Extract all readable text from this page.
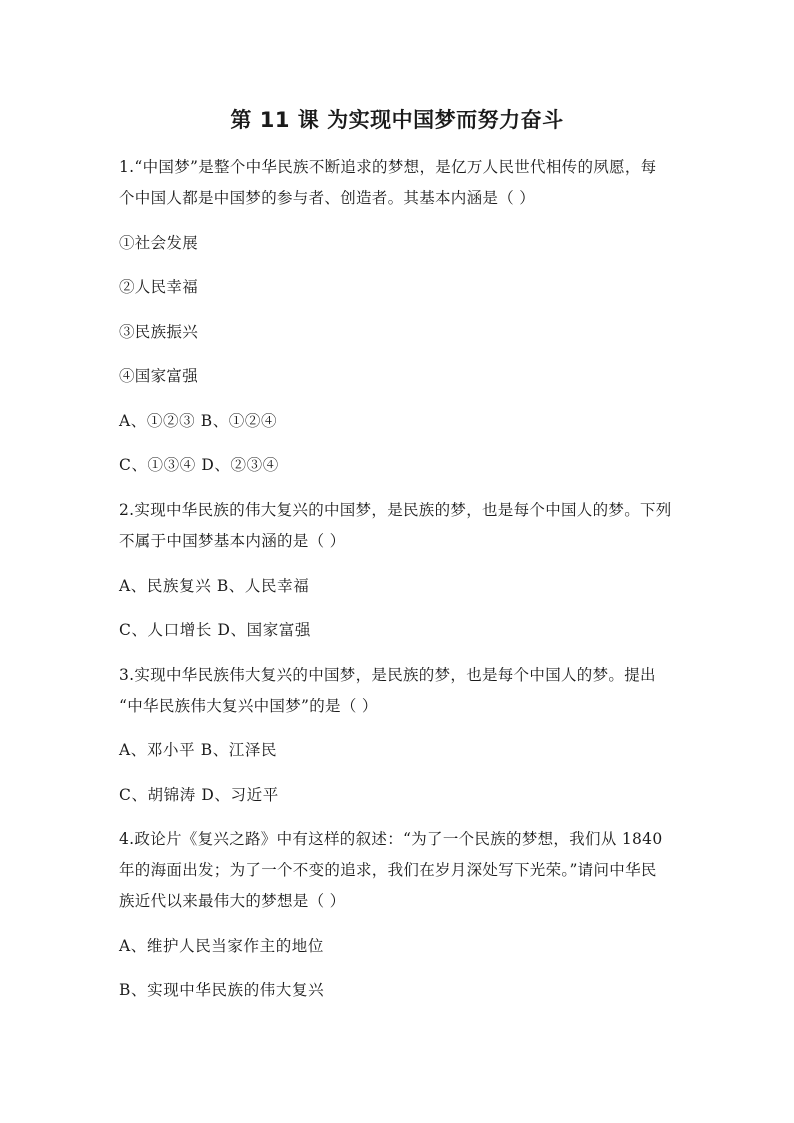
第 11 课 为实现中国梦而努力奋斗
1.“中国梦”是整个中华民族不断追求的梦想，是亿万人民世代相传的夙愿，每
个中国人都是中国梦的参与者、创造者。其基本内涵是（ ）
①社会发展
②人民幸福
③民族振兴
④国家富强
A、①②③ B、①②④
C、①③④ D、②③④
2.实现中华民族的伟大复兴的中国梦，是民族的梦，也是每个中国人的梦。下列
不属于中国梦基本内涵的是（ ）
A、民族复兴 B、人民幸福
C、人口增长 D、国家富强
3.实现中华民族伟大复兴的中国梦，是民族的梦，也是每个中国人的梦。提出
“中华民族伟大复兴中国梦”的是（ ）
A、邓小平 B、江泽民
C、胡锦涛 D、习近平
4.政论片《复兴之路》中有这样的叙述：“为了一个民族的梦想，我们从 1840
年的海面出发；为了一个不变的追求，我们在岁月深处写下光荣。”请问中华民
族近代以来最伟大的梦想是（ ）
A、维护人民当家作主的地位
B、实现中华民族的伟大复兴
